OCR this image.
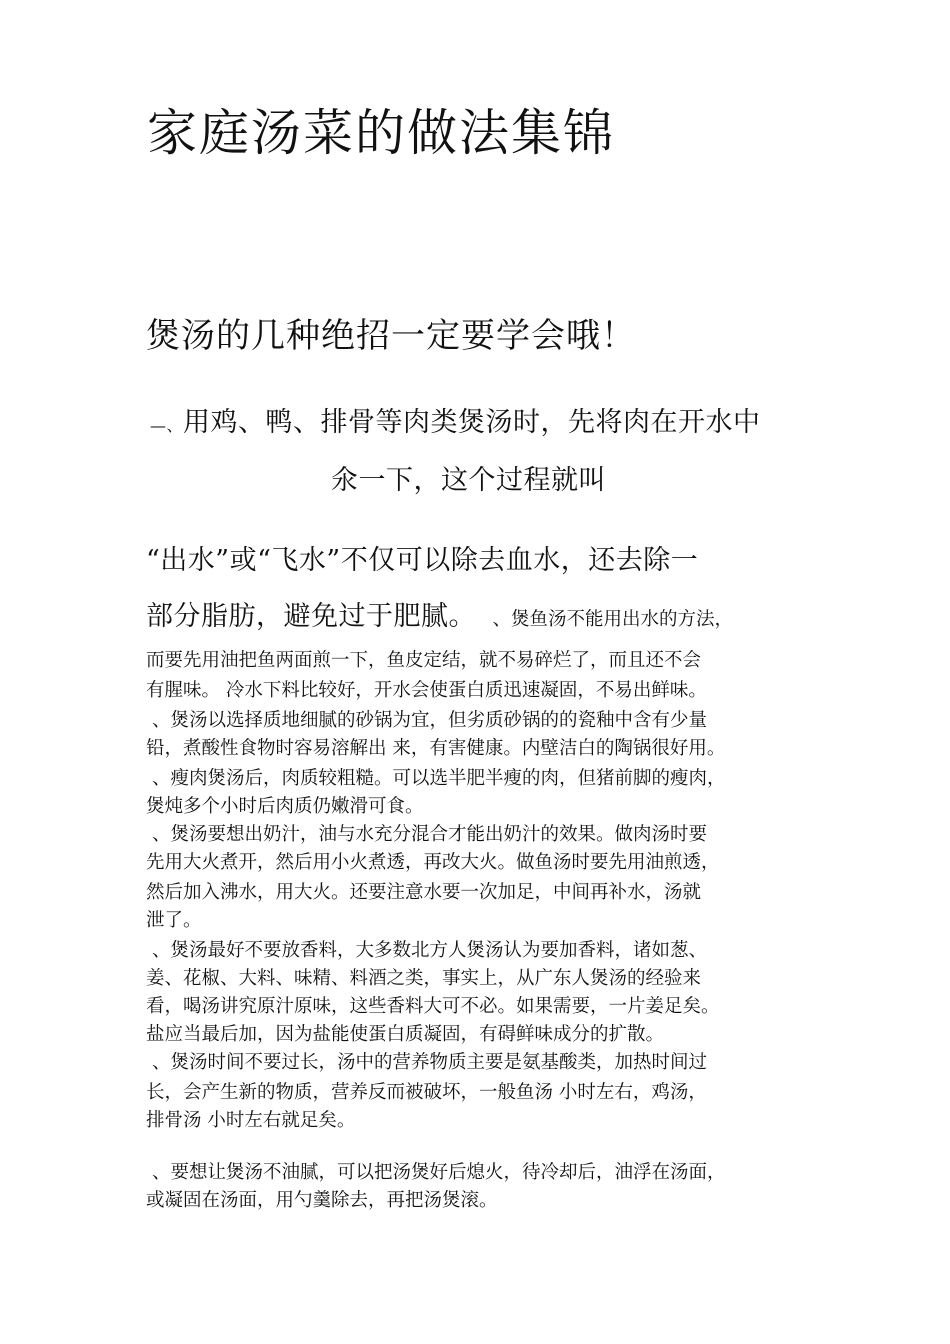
家庭汤菜的做法集锦
煲汤的几种绝招一定要学会哦！
—、用鸡、鸭、排骨等肉类煲汤时，先将肉在开水中
氽一下，这个过程就叫
“出水”或“飞水”不仅可以除去血水，还去除一
部分脂肪，避免过于肥腻。 、煲鱼汤不能用出水的方法，
而要先用油把鱼两面煎一下，鱼皮定结，就不易碎烂了，而且还不会
有腥味。 冷水下料比较好，开水会使蛋白质迅速凝固，不易出鲜味。
、煲汤以选择质地细腻的砂锅为宜，但劣质砂锅的的瓷釉中含有少量
铅，煮酸性食物时容易溶解出 来，有害健康。内壁洁白的陶锅很好用。
、瘦肉煲汤后，肉质较粗糙。可以选半肥半瘦的肉，但猪前脚的瘦肉，
煲炖多个小时后肉质仍嫩滑可食。
、煲汤要想出奶汁，油与水充分混合才能出奶汁的效果。做肉汤时要
先用大火煮开，然后用小火煮透，再改大火。做鱼汤时要先用油煎透，
然后加入沸水，用大火。还要注意水要一次加足，中间再补水，汤就
泄了。
、煲汤最好不要放香料，大多数北方人煲汤认为要加香料，诸如葱、
姜、花椒、大料、味精、料酒之类，事实上，从广东人煲汤的经验来
看，喝汤讲究原汁原味，这些香料大可不必。如果需要，一片姜足矣。
盐应当最后加，因为盐能使蛋白质凝固，有碍鲜味成分的扩散。
、煲汤时间不要过长，汤中的营养物质主要是氨基酸类，加热时间过
长，会产生新的物质，营养反而被破坏，一般鱼汤 小时左右，鸡汤，
排骨汤 小时左右就足矣。
、要想让煲汤不油腻，可以把汤煲好后熄火，待冷却后，油浮在汤面，
或凝固在汤面，用勺羹除去，再把汤煲滚。
